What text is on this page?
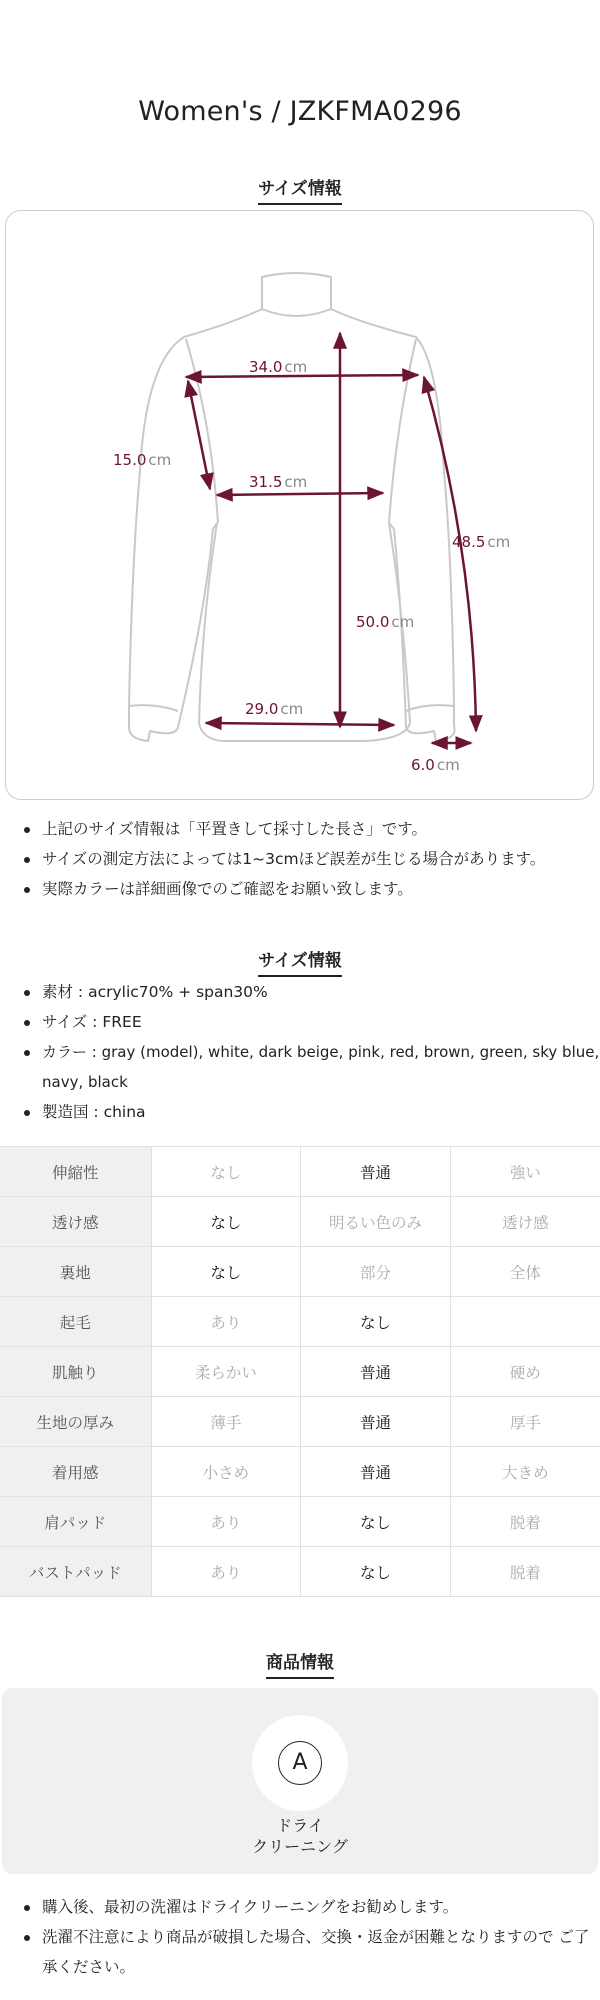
Women's / JZKFMA0296
サイズ情報
34.0 cm
31.5 cm
29.0 cm
15.0 cm
48.5 cm
50.0 cm
6.0 cm
上記のサイズ情報は「平置きして採寸した長さ」です。
サイズの測定方法によっては1~3cmほど誤差が生じる場合があります。
実際カラーは詳細画像でのご確認をお願い致します。
サイズ情報
素材 : acrylic70% + span30%
サイズ : FREE
カラー : gray (model), white, dark beige, pink, red, brown, green, sky blue, navy, black
製造国 : china
伸縮性	なし	普通	強い
透け感	なし	明るい色のみ	透け感
裏地	なし	部分	全体
起毛	あり	なし	
肌触り	柔らかい	普通	硬め
生地の厚み	薄手	普通	厚手
着用感	小さめ	普通	大きめ
肩パッド	あり	なし	脱着
バストパッド	あり	なし	脱着
商品情報
A
ドライ
クリーニング
購入後、最初の洗濯はドライクリーニングをお勧めします。
洗濯不注意により商品が破損した場合、交換・返金が困難となりますので ご了承ください。
